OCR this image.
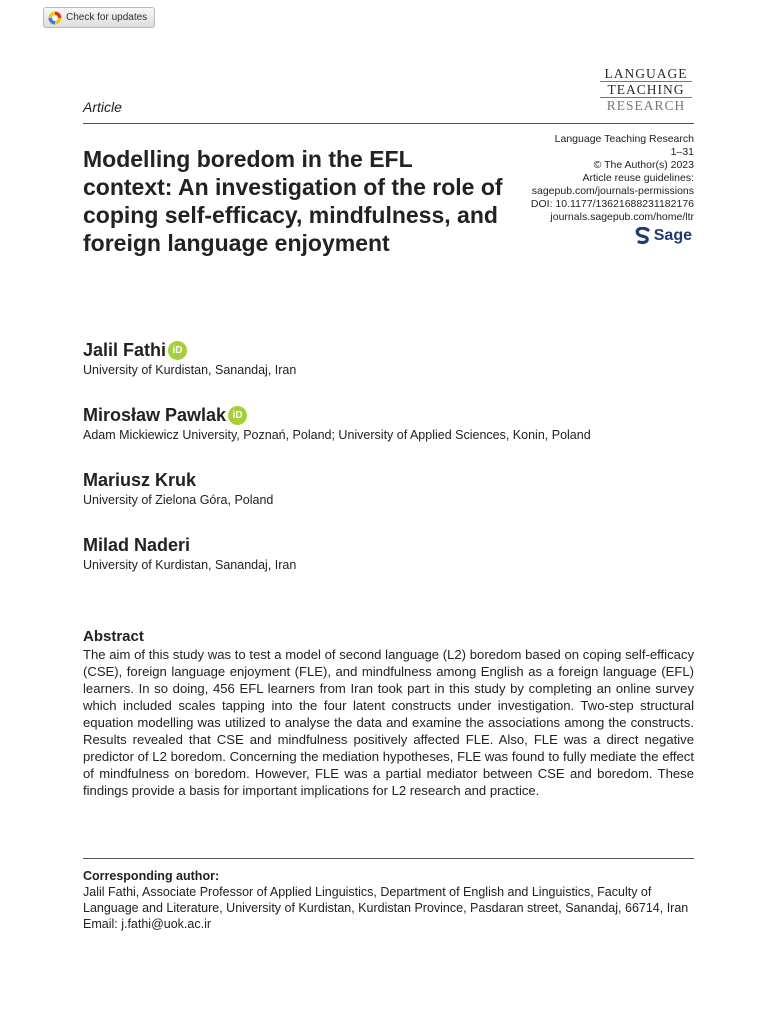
Check for updates
LANGUAGE
TEACHING
RESEARCH
Article
Modelling boredom in the EFL context: An investigation of the role of coping self-efficacy, mindfulness, and foreign language enjoyment
Language Teaching Research
1–31
© The Author(s) 2023
Article reuse guidelines:
sagepub.com/journals-permissions
DOI: 10.1177/13621688231182176
journals.sagepub.com/home/ltr
Sage
Jalil Fathi iD
University of Kurdistan, Sanandaj, Iran
Mirosław Pawlak iD
Adam Mickiewicz University, Poznań, Poland; University of Applied Sciences, Konin, Poland
Mariusz Kruk
University of Zielona Góra, Poland
Milad Naderi
University of Kurdistan, Sanandaj, Iran
Abstract

The aim of this study was to test a model of second language (L2) boredom based on coping self-efficacy (CSE), foreign language enjoyment (FLE), and mindfulness among English as a foreign language (EFL) learners. In so doing, 456 EFL learners from Iran took part in this study by completing an online survey which included scales tapping into the four latent constructs under investigation. Two-step structural equation modelling was utilized to analyse the data and examine the associations among the constructs. Results revealed that CSE and mindfulness positively affected FLE. Also, FLE was a direct negative predictor of L2 boredom. Concerning the mediation hypotheses, FLE was found to fully mediate the effect of mindfulness on boredom. However, FLE was a partial mediator between CSE and boredom. These findings provide a basis for important implications for L2 research and practice.

Corresponding author:
Jalil Fathi, Associate Professor of Applied Linguistics, Department of English and Linguistics, Faculty of Language and Literature, University of Kurdistan, Kurdistan Province, Pasdaran street, Sanandaj, 66714, Iran
Email: j.fathi@uok.ac.ir
